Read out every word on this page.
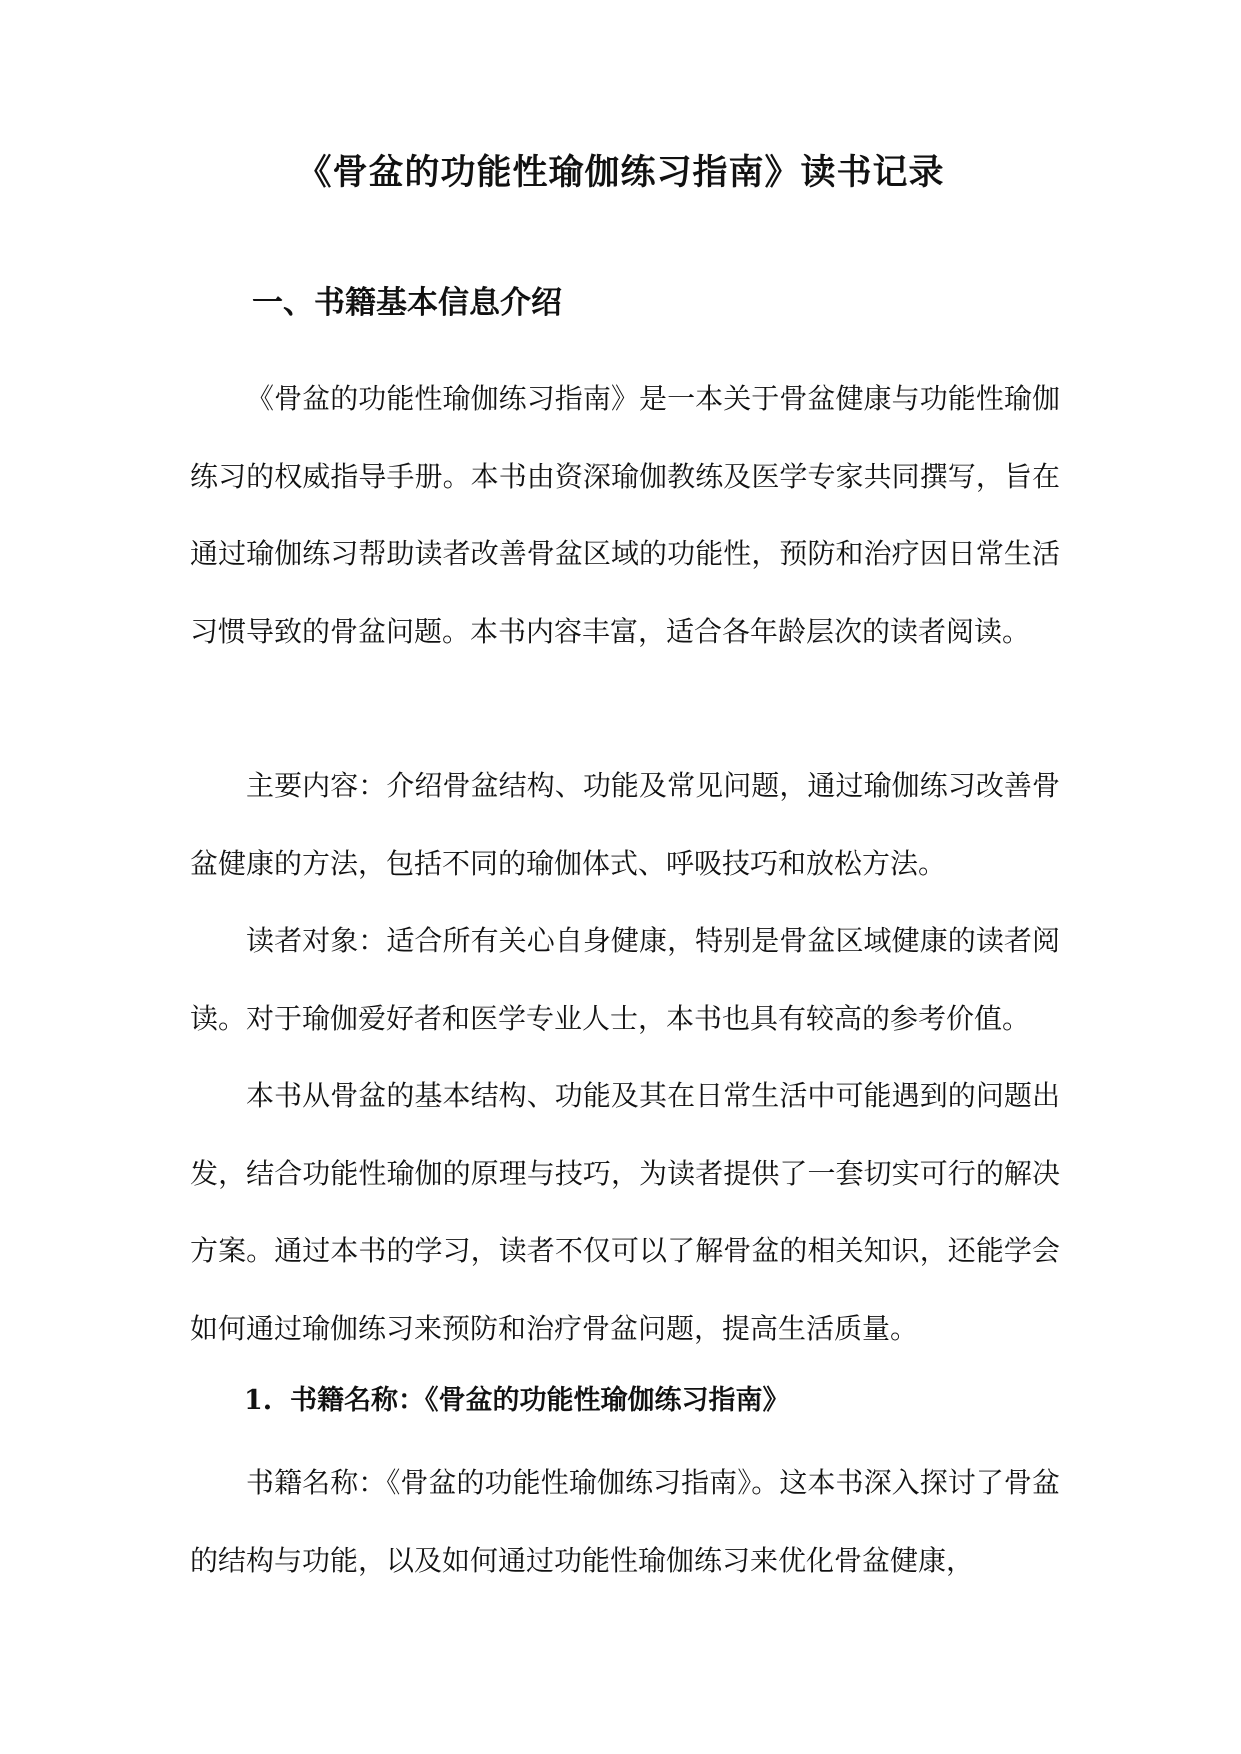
《骨盆的功能性瑜伽练习指南》读书记录
一、书籍基本信息介绍

《骨盆的功能性瑜伽练习指南》是一本关于骨盆健康与功能性瑜伽练习的权威指导手册。本书由资深瑜伽教练及医学专家共同撰写，旨在通过瑜伽练习帮助读者改善骨盆区域的功能性，预防和治疗因日常生活习惯导致的骨盆问题。本书内容丰富，适合各年龄层次的读者阅读。

主要内容：介绍骨盆结构、功能及常见问题，通过瑜伽练习改善骨盆健康的方法，包括不同的瑜伽体式、呼吸技巧和放松方法。

读者对象：适合所有关心自身健康，特别是骨盆区域健康的读者阅读。对于瑜伽爱好者和医学专业人士，本书也具有较高的参考价值。

本书从骨盆的基本结构、功能及其在日常生活中可能遇到的问题出发，结合功能性瑜伽的原理与技巧，为读者提供了一套切实可行的解决方案。通过本书的学习，读者不仅可以了解骨盆的相关知识，还能学会如何通过瑜伽练习来预防和治疗骨盆问题，提高生活质量。

1. 书籍名称：《骨盆的功能性瑜伽练习指南》

书籍名称：《骨盆的功能性瑜伽练习指南》。这本书深入探讨了骨盆的结构与功能，以及如何通过功能性瑜伽练习来优化骨盆健康，
